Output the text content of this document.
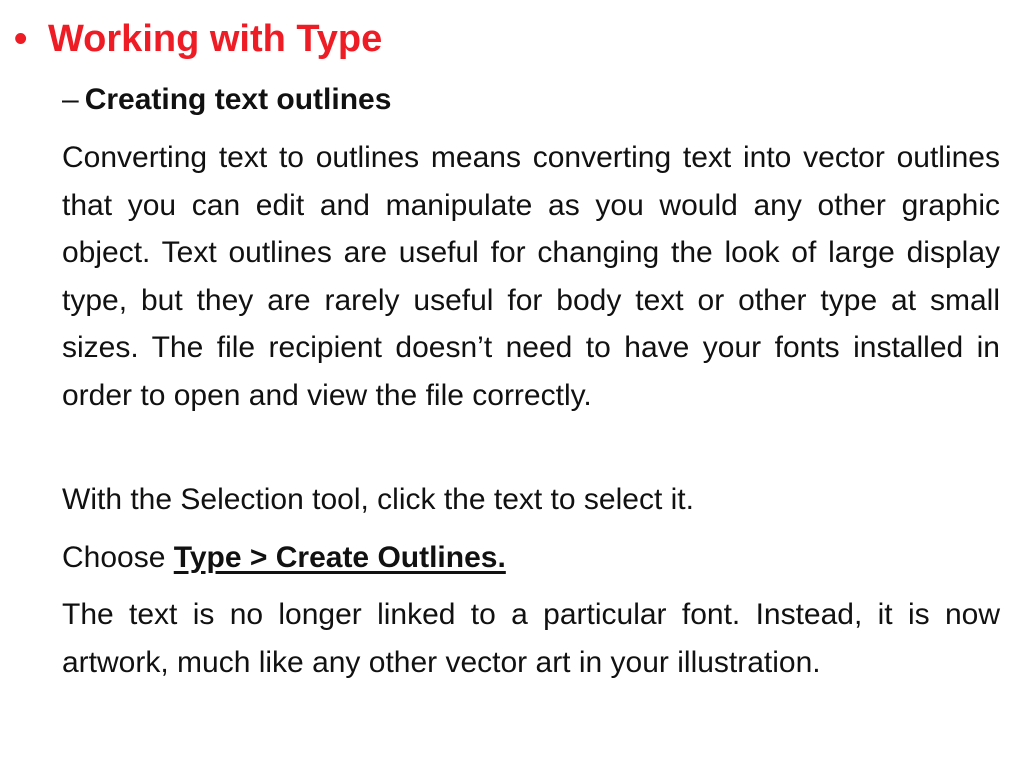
• Working with Type
– Creating text outlines

Converting text to outlines means converting text into vector outlines that you can edit and manipulate as you would any other graphic object. Text outlines are useful for changing the look of large display type, but they are rarely useful for body text or other type at small sizes. The file recipient doesn’t need to have your fonts installed in order to open and view the file correctly.

With the Selection tool, click the text to select it.

Choose Type > Create Outlines.

The text is no longer linked to a particular font. Instead, it is now artwork, much like any other vector art in your illustration.
